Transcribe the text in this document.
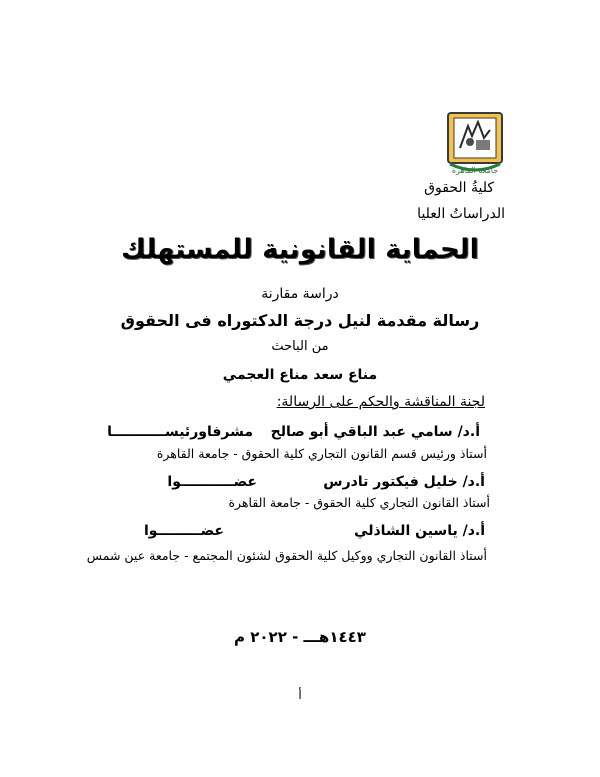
جامعة القاهرة
كليةُ الحقوق
الدراساتُ العليا
الحماية القانونية للمستهلك
دراسة مقارنة
رسالة مقدمة لنيل درجة الدكتوراه فى الحقوق
من الباحث
مناع سعد مناع العجمي
لجنة المناقشة والحكم على الرسالة:
أ.د/ سامي عبد الباقي أبو صالح
مشرفاورئيســـــــــــا
أستاذ ورئيس قسم القانون التجاري كلية الحقوق - جامعة القاهرة
أ.د/ خليل فيكتور تادرس
عضـــــــــــوا
أستاذ القانون التجاري كلية الحقوق - جامعة القاهرة
أ.د/ ياسين الشاذلي
عضـــــــــوا
أستاذ القانون التجاري ووكيل كلية الحقوق لشئون المجتمع - جامعة عين شمس
١٤٤٣هـــ - ٢٠٢٢ م
أ
